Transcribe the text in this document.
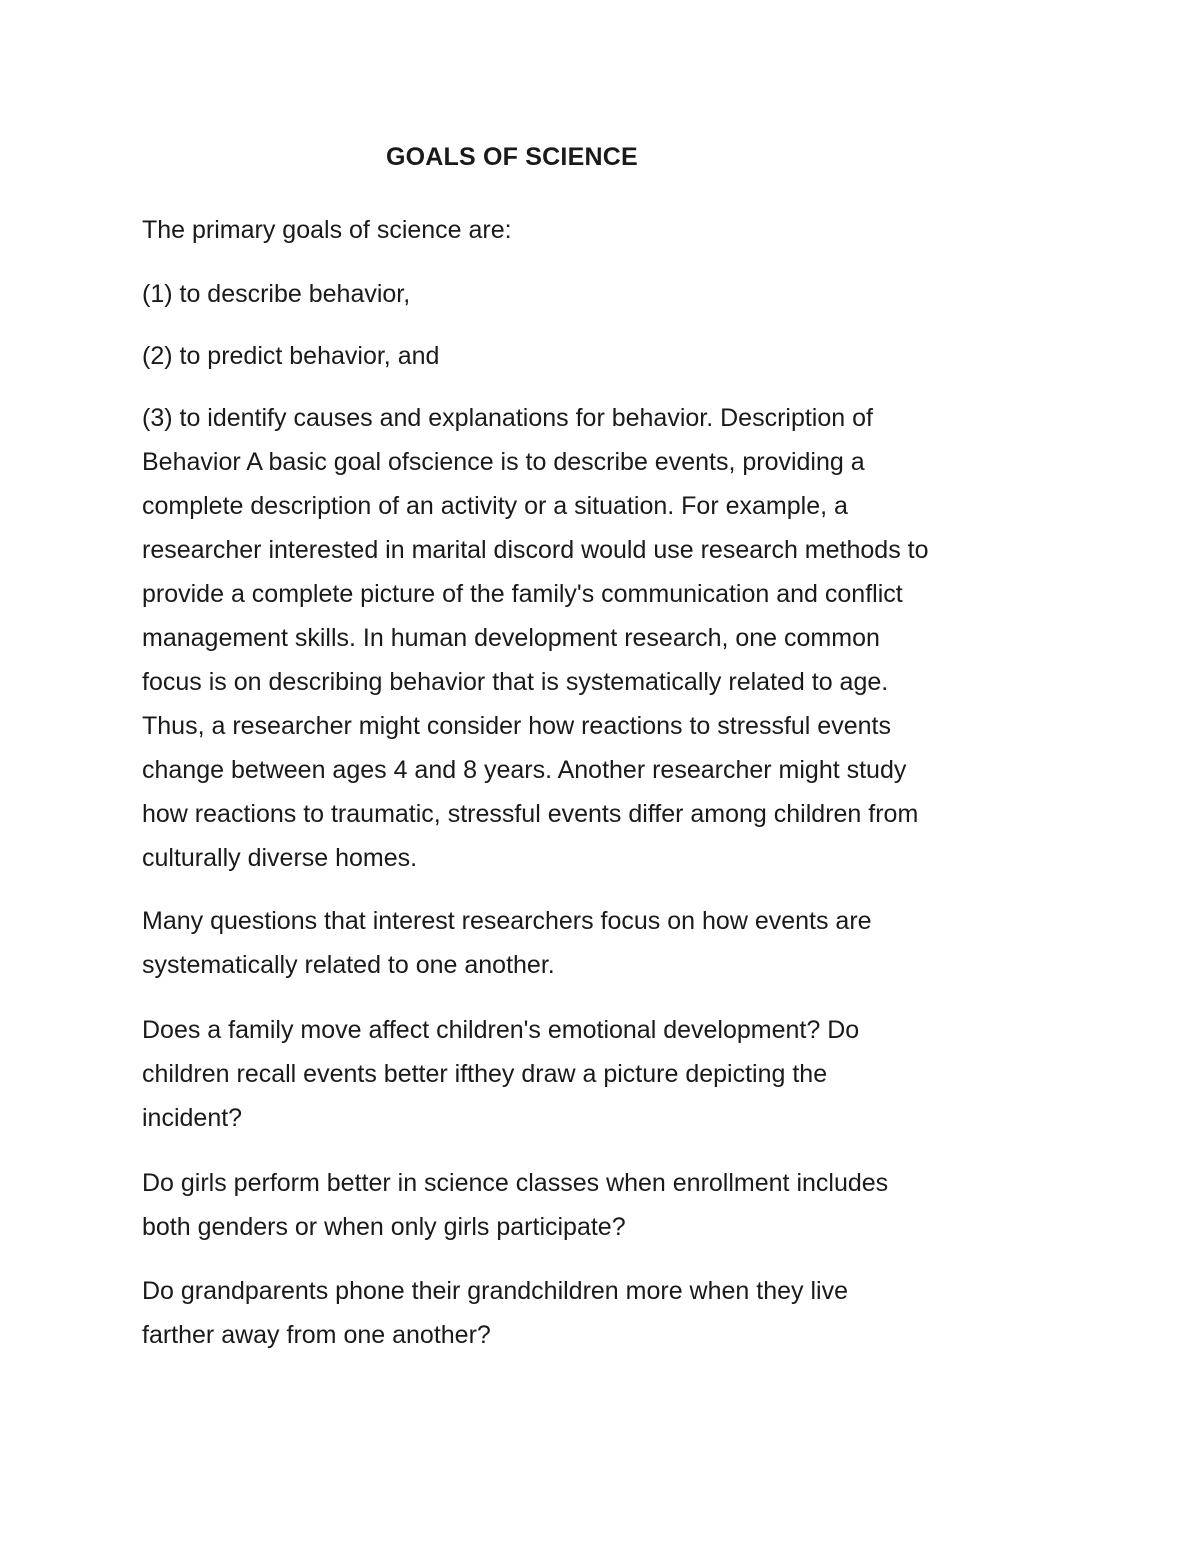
GOALS OF SCIENCE

The primary goals of science are:

(1) to describe behavior,

(2) to predict behavior, and

(3) to identify causes and explanations for behavior. Description of
Behavior A basic goal ofscience is to describe events, providing a
complete description of an activity or a situation. For example, a
researcher interested in marital discord would use research methods to
provide a complete picture of the family's communication and conflict
management skills. In human development research, one common
focus is on describing behavior that is systematically related to age.
Thus, a researcher might consider how reactions to stressful events
change between ages 4 and 8 years. Another researcher might study
how reactions to traumatic, stressful events differ among children from
culturally diverse homes.

Many questions that interest researchers focus on how events are
systematically related to one another.

Does a family move affect children's emotional development? Do
children recall events better ifthey draw a picture depicting the
incident?

Do girls perform better in science classes when enrollment includes
both genders or when only girls participate?

Do grandparents phone their grandchildren more when they live
farther away from one another?
